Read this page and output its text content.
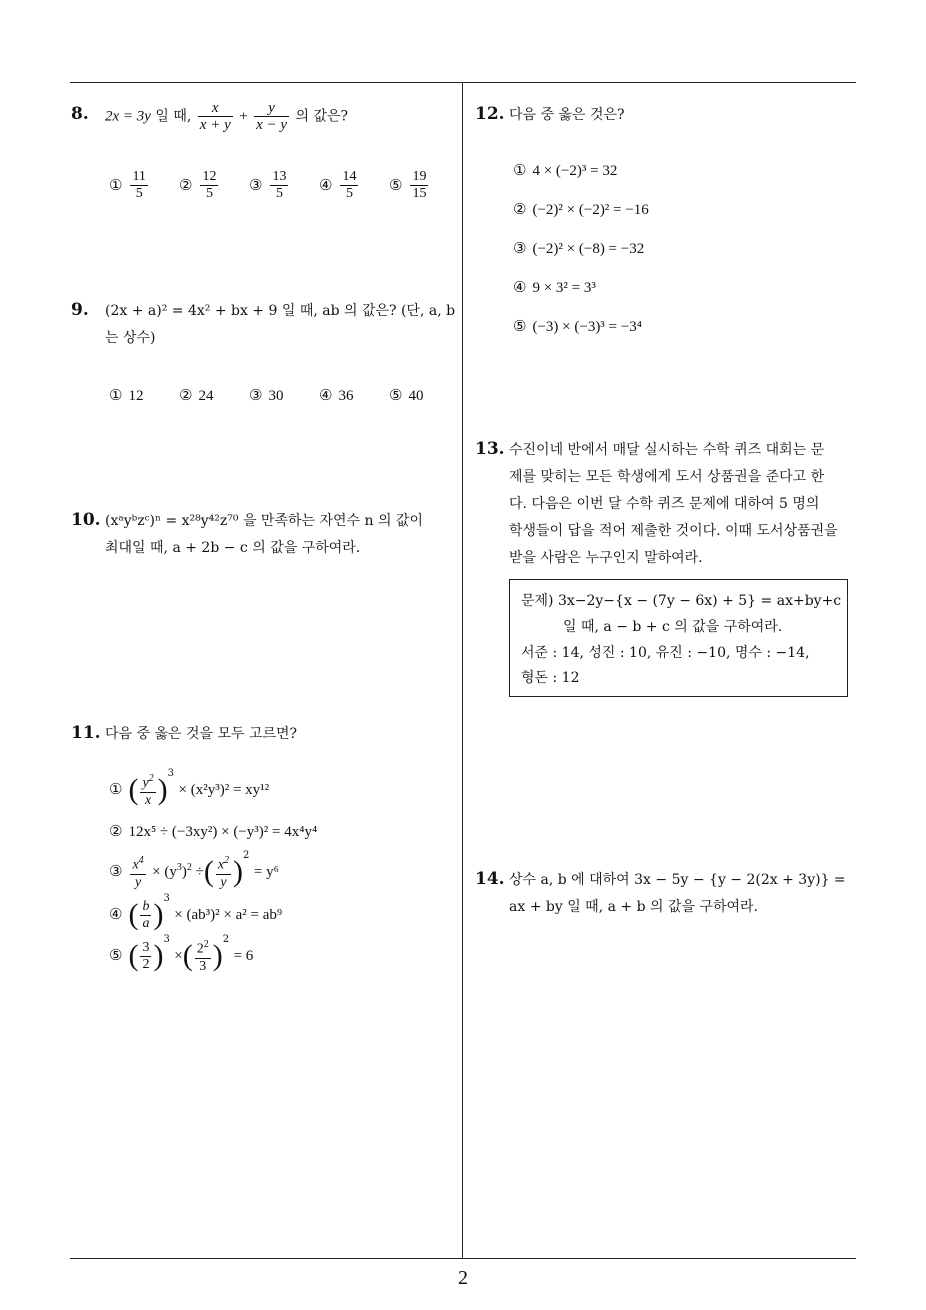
8. 2x = 3y 일 때, $\frac{x}{x + y} + \frac{y}{x - y}$ 의 값은?
① $\frac{11}{5}$ ② $\frac{12}{5}$ ③ $\frac{13}{5}$ ④ $\frac{14}{5}$ ⑤ $\frac{19}{15}$
9. (2x + a)² = 4x² + bx + 9 일 때, ab 의 값은? (단, a, b
는 상수)
① 12 ② 24 ③ 30 ④ 36 ⑤ 40
10. (xᵃyᵇzᶜ)ⁿ = x²⁸y⁴²z⁷⁰ 을 만족하는 자연수 n 의 값이
최대일 때, a + 2b − c 의 값을 구하여라.
11. 다음 중 옳은 것을 모두 고르면?
① ( $\frac{y^2}{x} )^3 \times (x^2y^3)^2 = xy^{12}$
② 12x⁵ ÷ (−3xy²) × (−y³)² = 4x⁴y⁴
③ $\frac{x^4}{y} \times (y^3)^2$ ÷( $\frac{x^2}{y} )^2 = y^6$
④ ( $\frac{b}{a} )^3 \times (ab^3)^2 \times a^2 = ab^9$
⑤ ( $\frac{3}{2} )^3$ ×( $\frac{2^2}{3} )^2 = 6$
12. 다음 중 옳은 것은?
① 4 × (−2)³ = 32
② (−2)² × (−2)² = −16
③ (−2)² × (−8) = −32
④ 9 × 3² = 3³
⑤ (−3) × (−3)³ = −3⁴
13. 수진이네 반에서 매달 실시하는 수학 퀴즈 대회는 문
제를 맞히는 모든 학생에게 도서 상품권을 준다고 한
다. 다음은 이번 달 수학 퀴즈 문제에 대하여 5 명의
학생들이 답을 적어 제출한 것이다. 이때 도서상품권을
받을 사람은 누구인지 말하여라.
문제) 3x−2y−{x − (7y − 6x) + 5} = ax+by+c
일 때, a − b + c 의 값을 구하여라.
서준 : 14, 성진 : 10, 유진 : −10, 명수 : −14,
형돈 : 12
14. 상수 a, b 에 대하여 3x − 5y − {y − 2(2x + 3y)} =
ax + by 일 때, a + b 의 값을 구하여라.
2
